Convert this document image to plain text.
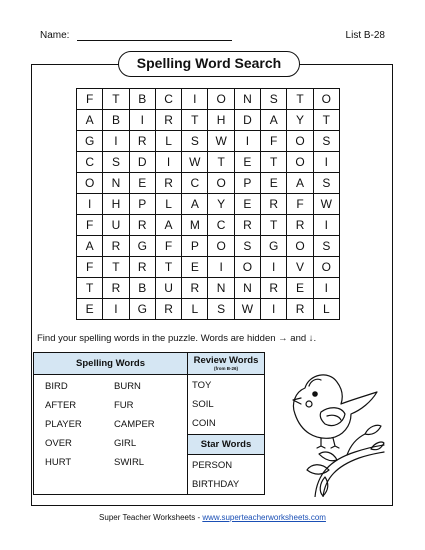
Name:	List B-28
Spelling Word Search
F	T	B	C	I	O	N	S	T	O
A	B	I	R	T	H	D	A	Y	T
G	I	R	L	S	W	I	F	O	S
C	S	D	I	W	T	E	T	O	I
O	N	E	R	C	O	P	E	A	S
I	H	P	L	A	Y	E	R	F	W
F	U	R	A	M	C	R	T	R	I
A	R	G	F	P	O	S	G	O	S
F	T	R	T	E	I	O	I	V	O
T	R	B	U	R	N	N	R	E	I
E	I	G	R	L	S	W	I	R	L
Find your spelling words in the puzzle. Words are hidden → and ↓.
Spelling Words	Review Words
(from B-26)
BIRD
AFTER
PLAYER
OVER
HURT
BURN
FUR
CAMPER
GIRL
SWIRL
TOY
SOIL
COIN
Star Words
PERSON
BIRTHDAY
Super Teacher Worksheets - www.superteacherworksheets.com
